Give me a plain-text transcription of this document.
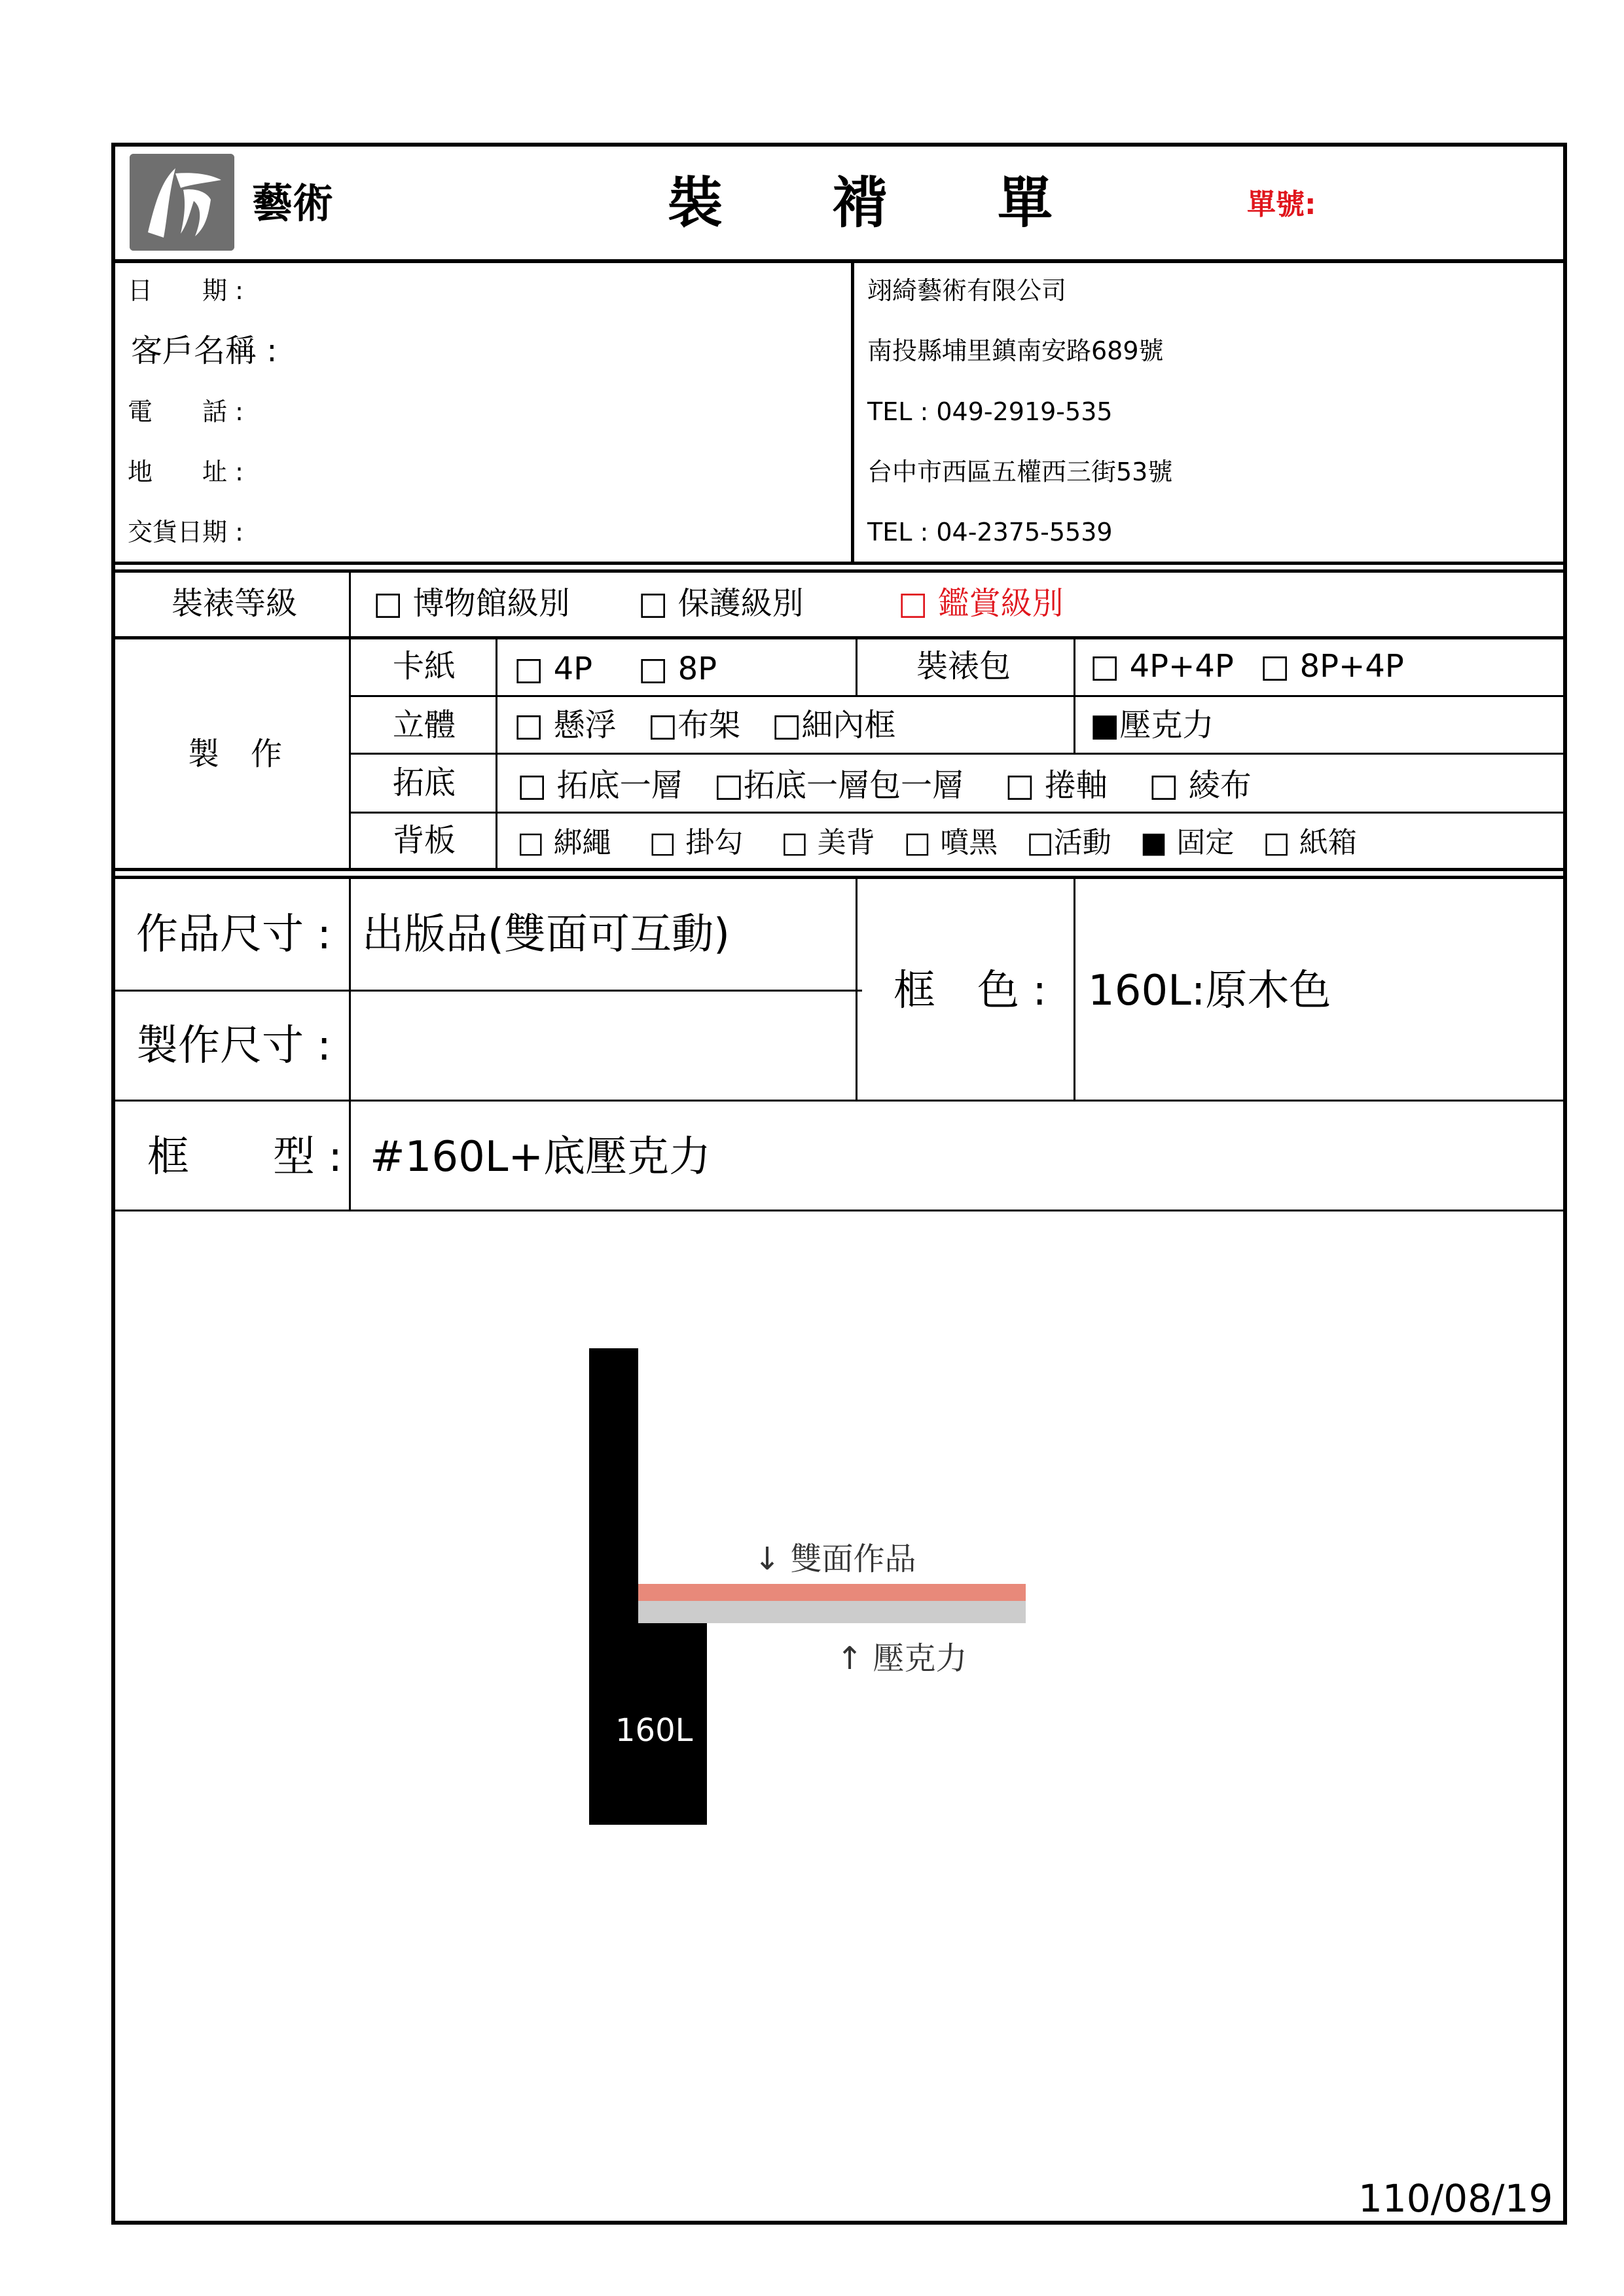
藝術	裝　　褙　　單	單號:
日　　期 :
客戶名稱 :
電　　話 :
地　　址 :
交貨日期 :
翊綺藝術有限公司
南投縣埔里鎮南安路689號
TEL : 049-2919-535
台中市西區五權西三街53號
TEL : 04-2375-5539
裝裱等級 □ 博物館級別 □ 保護級別	□ 鑑賞級別
製　作
卡紙 □ 4P □ 8P	裝裱包	□ 4P+4P □ 8P+4P
立體 □ 懸浮　□布架　□細內框	■壓克力
拓底 □ 拓底一層　□拓底一層包一層　 □ 捲軸　 □ 綾布
背板 □ 綁繩　 □ 掛勾　 □ 美背　□ 噴黑　□活動　■ 固定　□ 紙箱
作品尺寸 : 出版品(雙面可互動)
製作尺寸 :
框　色 : 160L:原木色
框　　型 : #160L+底壓克力
↓ 雙面作品
↑ 壓克力
160L
110/08/19
